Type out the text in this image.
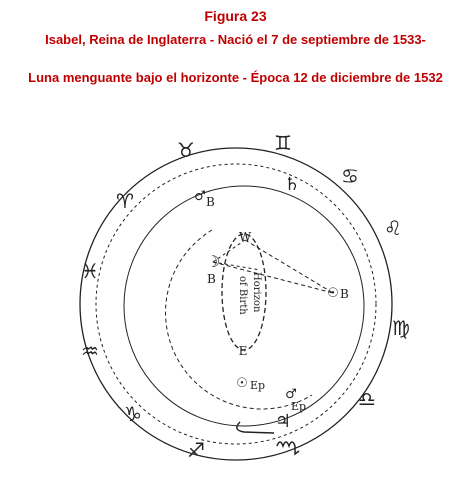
Figura 23
Isabel, Reina de Inglaterra - Nació el 7 de septiembre de 1533-
Luna menguante bajo el horizonte - Época 12 de diciembre de 1532
♉	♊
♋
♈
♌
♓
♍
♒
♎
♑
♐
♄
♂ B
W
☽
B
☉ B
Horizon
of Birth
E
☉ Ep
♂
Ep
♃
